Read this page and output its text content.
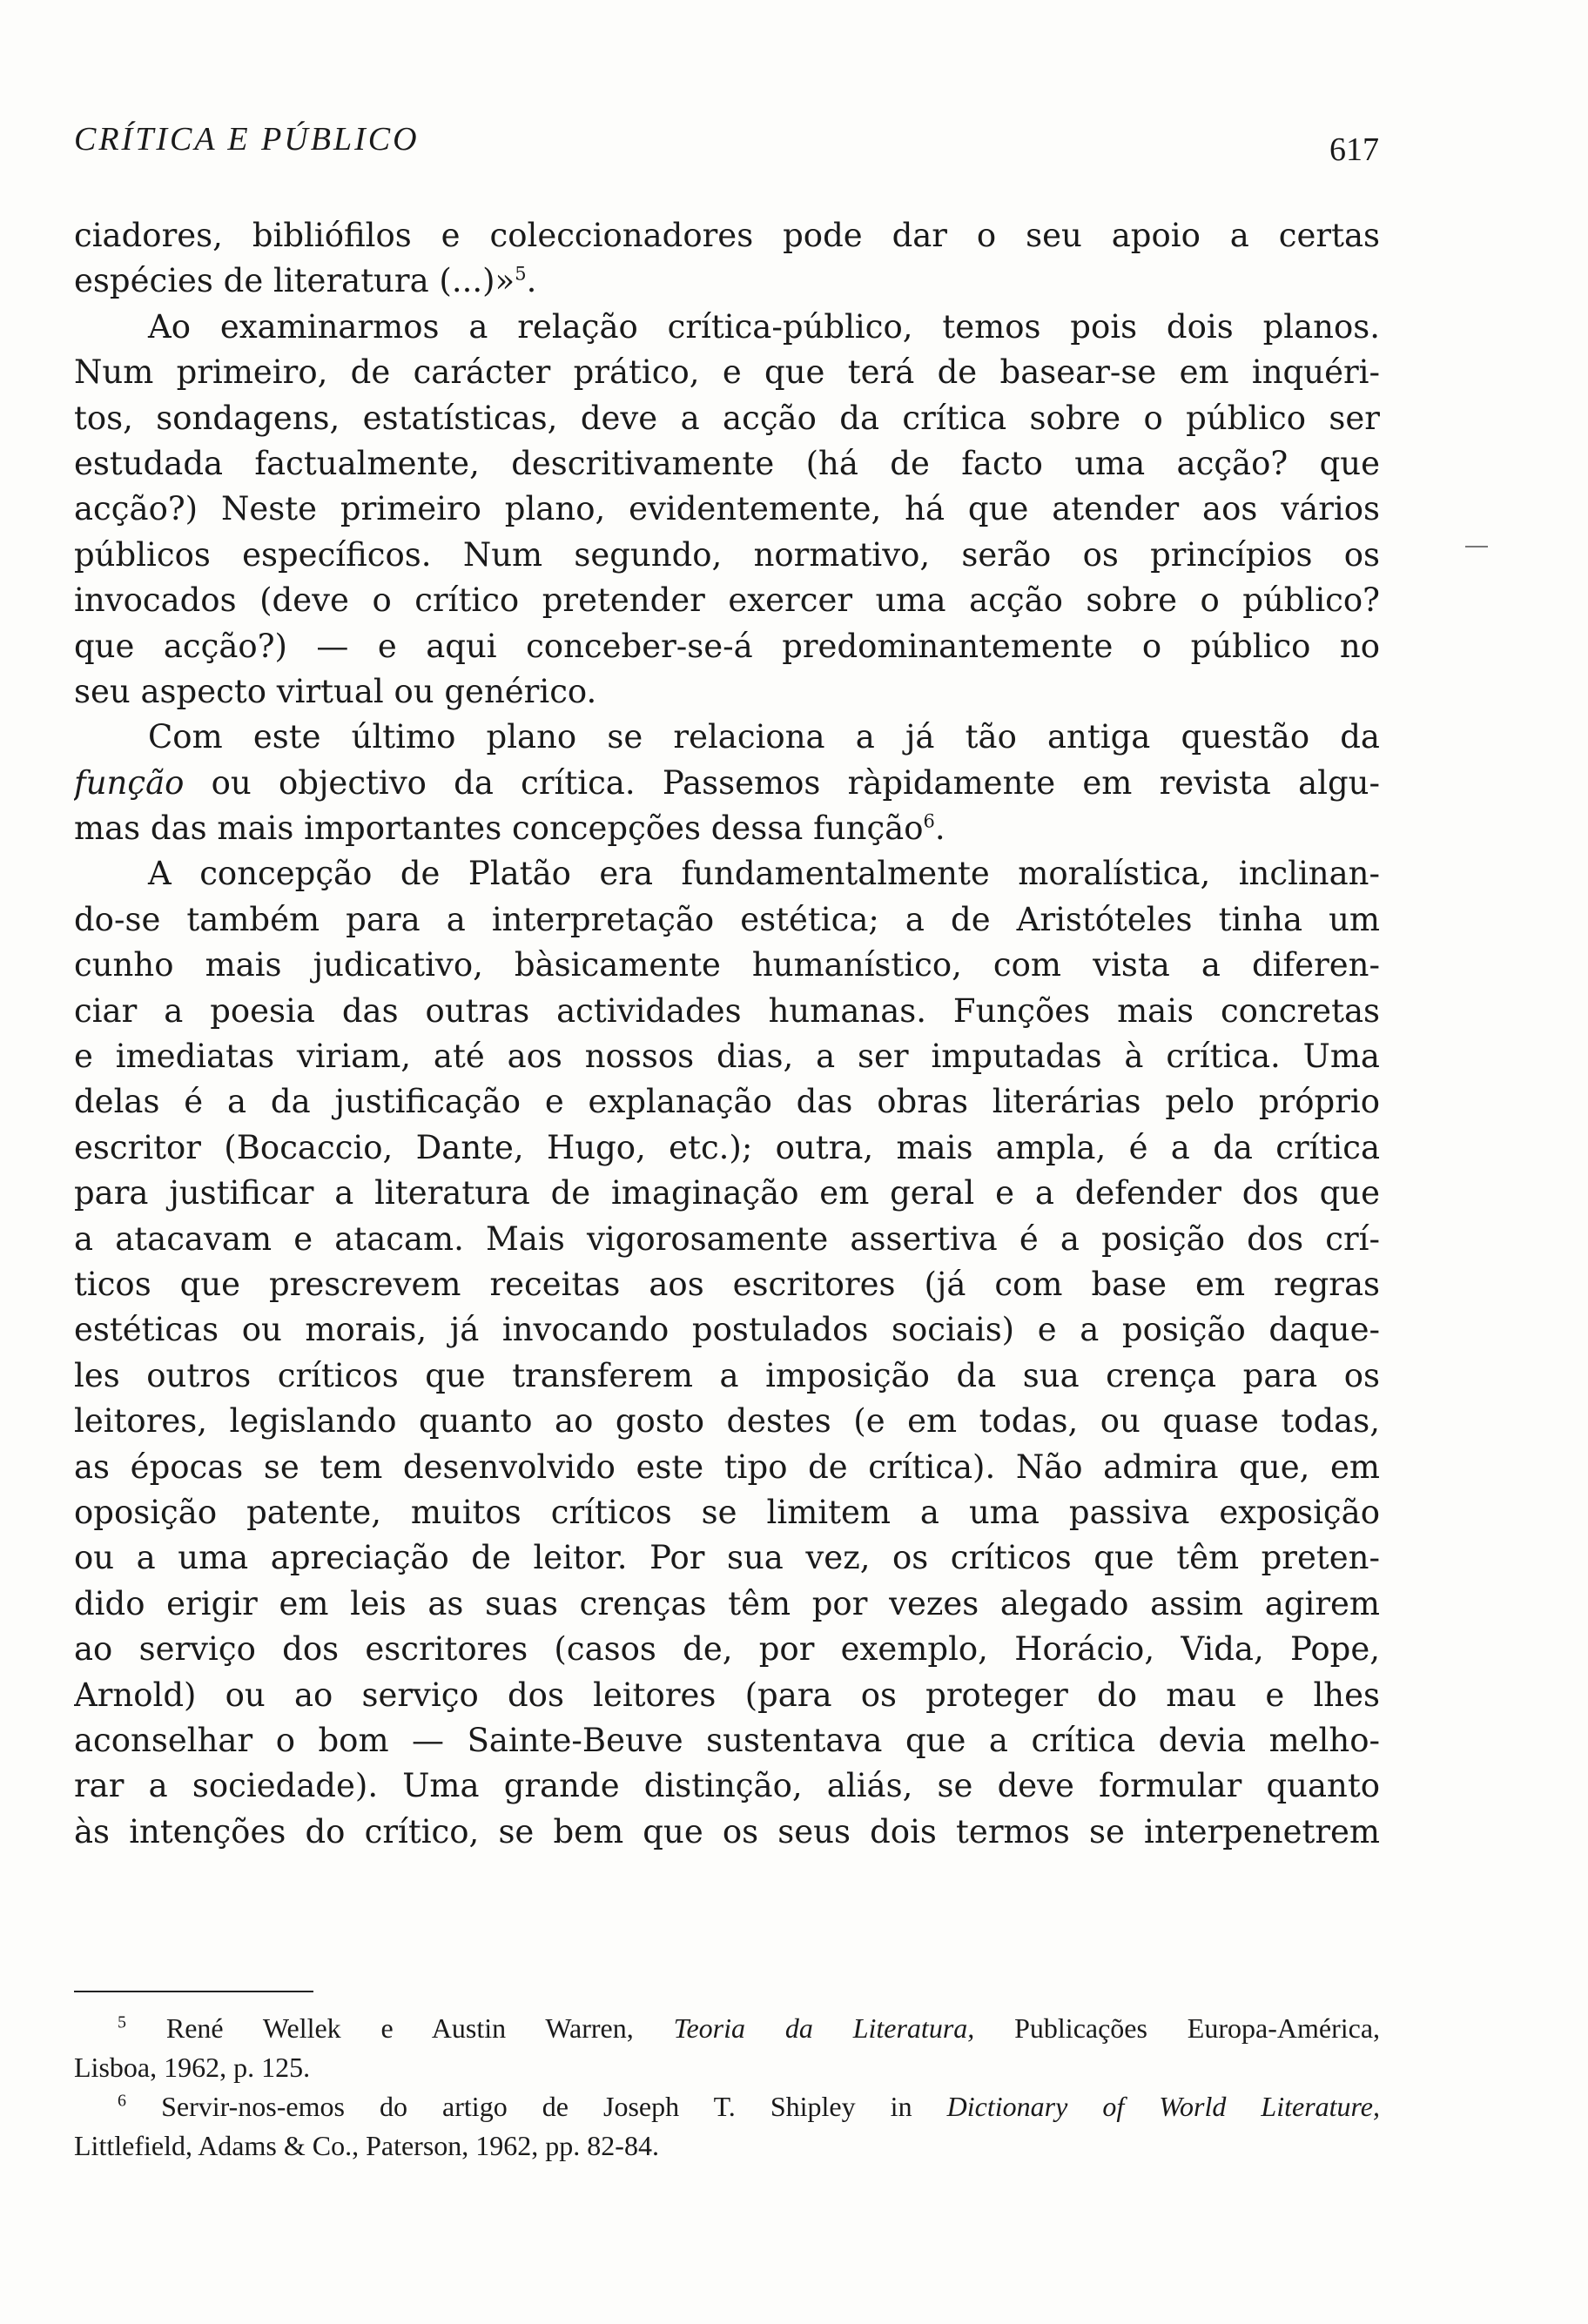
CRÍTICA E PÚBLICO	617
ciadores, bibliófilos e coleccionadores pode dar o seu apoio a certas
espécies de literatura (...)»$^5$.
Ao examinarmos a relação crítica-público, temos pois dois planos.
Num primeiro, de carácter prático, e que terá de basear-se em inquéri-
tos, sondagens, estatísticas, deve a acção da crítica sobre o público ser
estudada factualmente, descritivamente (há de facto uma acção? que
acção?) Neste primeiro plano, evidentemente, há que atender aos vários
públicos específicos. Num segundo, normativo, serão os princípios os
invocados (deve o crítico pretender exercer uma acção sobre o público?
que acção?) — e aqui conceber-se-á predominantemente o público no
seu aspecto virtual ou genérico.
Com este último plano se relaciona a já tão antiga questão da
função ou objectivo da crítica. Passemos ràpidamente em revista algu-
mas das mais importantes concepções dessa função$^6$.
A concepção de Platão era fundamentalmente moralística, inclinan-
do-se também para a interpretação estética; a de Aristóteles tinha um
cunho mais judicativo, bàsicamente humanístico, com vista a diferen-
ciar a poesia das outras actividades humanas. Funções mais concretas
e imediatas viriam, até aos nossos dias, a ser imputadas à crítica. Uma
delas é a da justificação e explanação das obras literárias pelo próprio
escritor (Bocaccio, Dante, Hugo, etc.); outra, mais ampla, é a da crítica
para justificar a literatura de imaginação em geral e a defender dos que
a atacavam e atacam. Mais vigorosamente assertiva é a posição dos crí-
ticos que prescrevem receitas aos escritores (já com base em regras
estéticas ou morais, já invocando postulados sociais) e a posição daque-
les outros críticos que transferem a imposição da sua crença para os
leitores, legislando quanto ao gosto destes (e em todas, ou quase todas,
as épocas se tem desenvolvido este tipo de crítica). Não admira que, em
oposição patente, muitos críticos se limitem a uma passiva exposição
ou a uma apreciação de leitor. Por sua vez, os críticos que têm preten-
dido erigir em leis as suas crenças têm por vezes alegado assim agirem
ao serviço dos escritores (casos de, por exemplo, Horácio, Vida, Pope,
Arnold) ou ao serviço dos leitores (para os proteger do mau e lhes
aconselhar o bom — Sainte-Beuve sustentava que a crítica devia melho-
rar a sociedade). Uma grande distinção, aliás, se deve formular quanto
às intenções do crítico, se bem que os seus dois termos se interpenetrem
$^5$ René Wellek e Austin Warren, Teoria da Literatura, Publicações Europa-América,
Lisboa, 1962, p. 125.
$^6$ Servir-nos-emos do artigo de Joseph T. Shipley in Dictionary of World Literature,
Littlefield, Adams & Co., Paterson, 1962, pp. 82-84.
